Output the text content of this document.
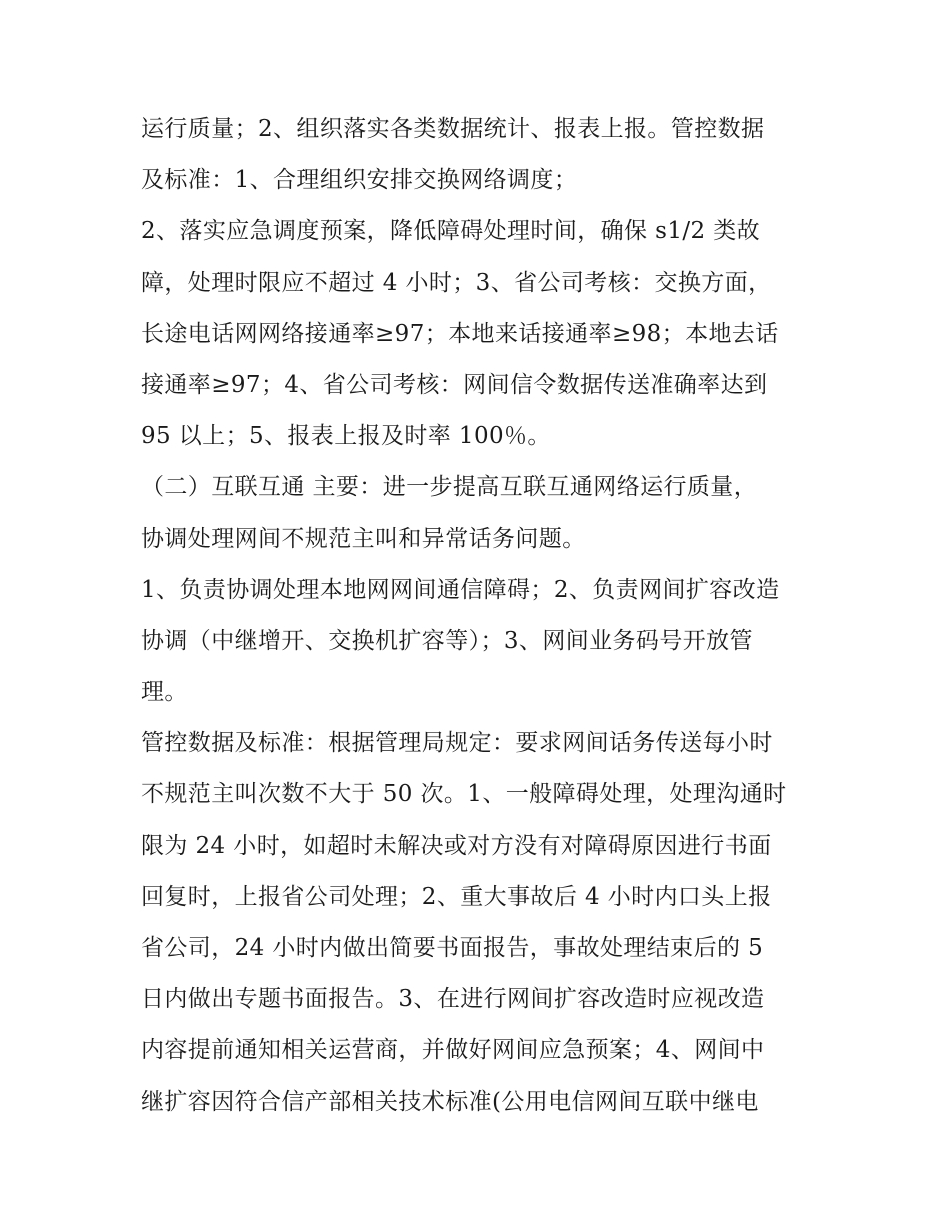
运行质量；2、组织落实各类数据统计、报表上报。管控数据
及标准：1、合理组织安排交换网络调度；
2、落实应急调度预案，降低障碍处理时间，确保 s1/2 类故
障，处理时限应不超过 4 小时；3、省公司考核：交换方面，
长途电话网网络接通率≥97；本地来话接通率≥98；本地去话
接通率≥97；4、省公司考核：网间信令数据传送准确率达到
95 以上；5、报表上报及时率 100％。
（二）互联互通 主要：进一步提高互联互通网络运行质量，
协调处理网间不规范主叫和异常话务问题。
1、负责协调处理本地网网间通信障碍；2、负责网间扩容改造
协调（中继增开、交换机扩容等）；3、网间业务码号开放管
理。
管控数据及标准：根据管理局规定：要求网间话务传送每小时
不规范主叫次数不大于 50 次。1、一般障碍处理，处理沟通时
限为 24 小时，如超时未解决或对方没有对障碍原因进行书面
回复时，上报省公司处理；2、重大事故后 4 小时内口头上报
省公司，24 小时内做出简要书面报告，事故处理结束后的 5
日内做出专题书面报告。3、在进行网间扩容改造时应视改造
内容提前通知相关运营商，并做好网间应急预案；4、网间中
继扩容因符合信产部相关技术标准(公用电信网间互联中继电
